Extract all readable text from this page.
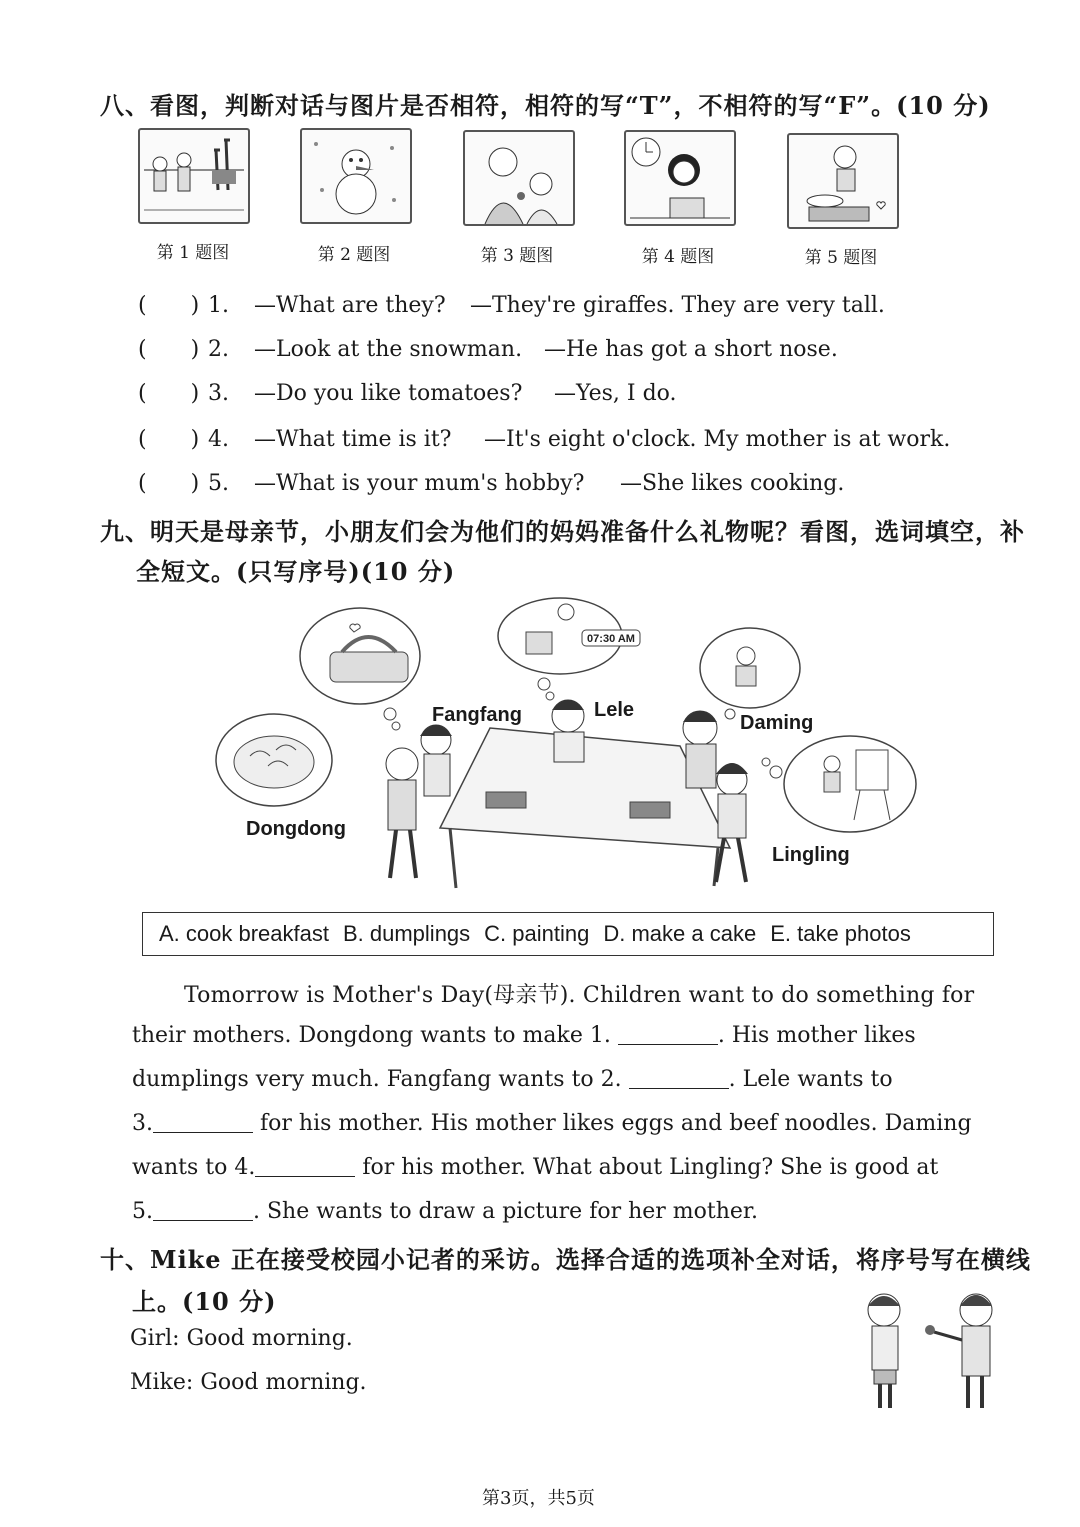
八、看图，判断对话与图片是否相符，相符的写“T”，不相符的写“F”。(10 分)
第 1 题图	第 2 题图	第 3 题图	第 4 题图	第 5 题图
(　　) 1. —What are they? —They're giraffes. They are very tall.
(　　) 2. —Look at the snowman. —He has got a short nose.
(　　) 3. —Do you like tomatoes? —Yes, I do.
(　　) 4. —What time is it? —It's eight o'clock. My mother is at work.
(　　) 5. —What is your mum's hobby? —She likes cooking.
九、明天是母亲节，小朋友们会为他们的妈妈准备什么礼物呢？看图，选词填空，补
全短文。(只写序号)(10 分)
07:30 AM
Fangfang	Lele
Daming
Dongdong
Lingling
A. cook breakfast B. dumplings C. painting D. make a cake E. take photos
Tomorrow is Mother's Day(母亲节). Children want to do something for
their mothers. Dongdong wants to make 1.	. His mother likes
dumplings very much. Fangfang wants to 2.	. Lele wants to
3.	for his mother. His mother likes eggs and beef noodles. Daming
wants to 4.	for his mother. What about Lingling? She is good at
5.	. She wants to draw a picture for her mother.
十、Mike 正在接受校园小记者的采访。选择合适的选项补全对话，将序号写在横线
上。(10 分)
Girl: Good morning.
Mike: Good morning.
第3页，共5页
